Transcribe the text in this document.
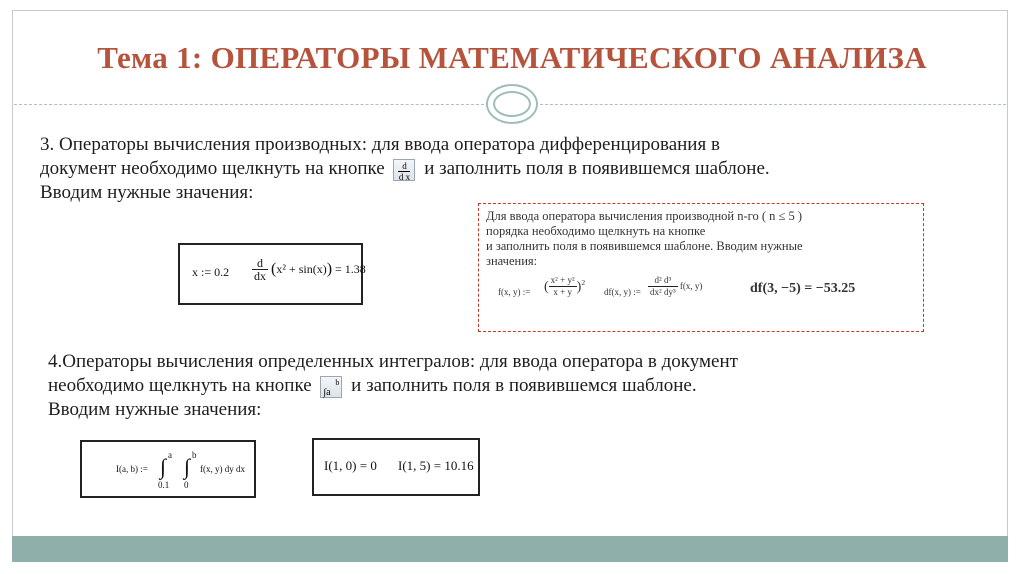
Тема 1: ОПЕРАТОРЫ МАТЕМАТИЧЕСКОГО АНАЛИЗА
3. Операторы вычисления производных: для ввода оператора дифференцирования в
документ необходимо щелкнуть на кнопке $\frac{d}{\text{d x}}$ и заполнить поля в появившемся шаблоне.
Вводим нужные значения:
x := $0.2 \frac{d}{dx} (x^2 + \sin(x)) = 1.38$
Для ввода оператора вычисления производной n-го ( n ≤ 5 )
порядка необходимо щелкнуть на кнопке
и заполнить поля в появившемся шаблоне. Вводим нужные
значения:
f(x, y) := ( $\frac{\text{x² + y²}}{x + y} )^2$
df(x, y) := $\frac{\text{d² d³}}{\text{dx² dy³}} f(x$, y)	df(3, −5) = −53.25
4.Операторы вычисления определенных интегралов: для ввода оператора в документ
необходимо щелкнуть на кнопке	b
∫a	и заполнить поля в появившемся шаблоне.
Вводим нужные значения:
I(a, b) :=
a
∫
0.1
b
∫
0
f(x, y) dy dx	I(1, 0) = 0 I(1, 5) = 10.16
